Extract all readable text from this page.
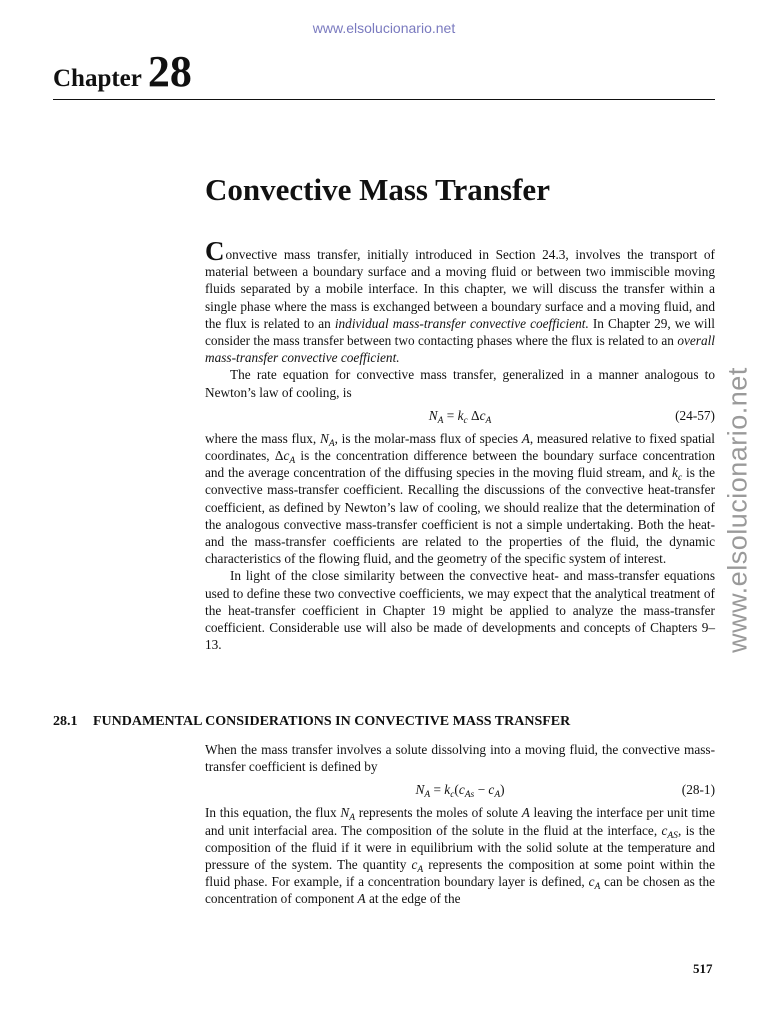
www.elsolucionario.net
www.elsolucionario.net
Chapter 28
Convective Mass Transfer

Convective mass transfer, initially introduced in Section 24.3, involves the transport of material between a boundary surface and a moving fluid or between two immiscible moving fluids separated by a mobile interface. In this chapter, we will discuss the transfer within a single phase where the mass is exchanged between a boundary surface and a moving fluid, and the flux is related to an individual mass-transfer convective coefficient. In Chapter 29, we will consider the mass transfer between two contacting phases where the flux is related to an overall mass-transfer convective coefficient.

The rate equation for convective mass transfer, generalized in a manner analogous to Newton’s law of cooling, is

$N_A = k_c$ $\Delta c_A$	(24-57)

where the mass flux, $N_A$, is the molar-mass flux of species A, measured relative to fixed spatial coordinates, $\Delta c_A$ is the concentration difference between the boundary surface concentration and the average concentration of the diffusing species in the moving fluid stream, and $k_c$ is the convective mass-transfer coefficient. Recalling the discussions of the convective heat-transfer coefficient, as defined by Newton’s law of cooling, we should realize that the determination of the analogous convective mass-transfer coefficient is not a simple undertaking. Both the heat- and the mass-transfer coefficients are related to the properties of the fluid, the dynamic characteristics of the flowing fluid, and the geometry of the specific system of interest.

In light of the close similarity between the convective heat- and mass-transfer equations used to define these two convective coefficients, we may expect that the analytical treatment of the heat-transfer coefficient in Chapter 19 might be applied to analyze the mass-transfer coefficient. Considerable use will also be made of developments and concepts of Chapters 9–13.

28.1 FUNDAMENTAL CONSIDERATIONS IN CONVECTIVE MASS TRANSFER

When the mass transfer involves a solute dissolving into a moving fluid, the convective mass-transfer coefficient is defined by

$N_A = k_c(c_{As} - c_A)$	(28-1)

In this equation, the flux $N_A$ represents the moles of solute A leaving the interface per unit time and unit interfacial area. The composition of the solute in the fluid at the interface, $c_{AS}$, is the composition of the fluid if it were in equilibrium with the solid solute at the temperature and pressure of the system. The quantity $c_A$ represents the composition at some point within the fluid phase. For example, if a concentration boundary layer is defined, $c_A$ can be chosen as the concentration of component A at the edge of the

517
